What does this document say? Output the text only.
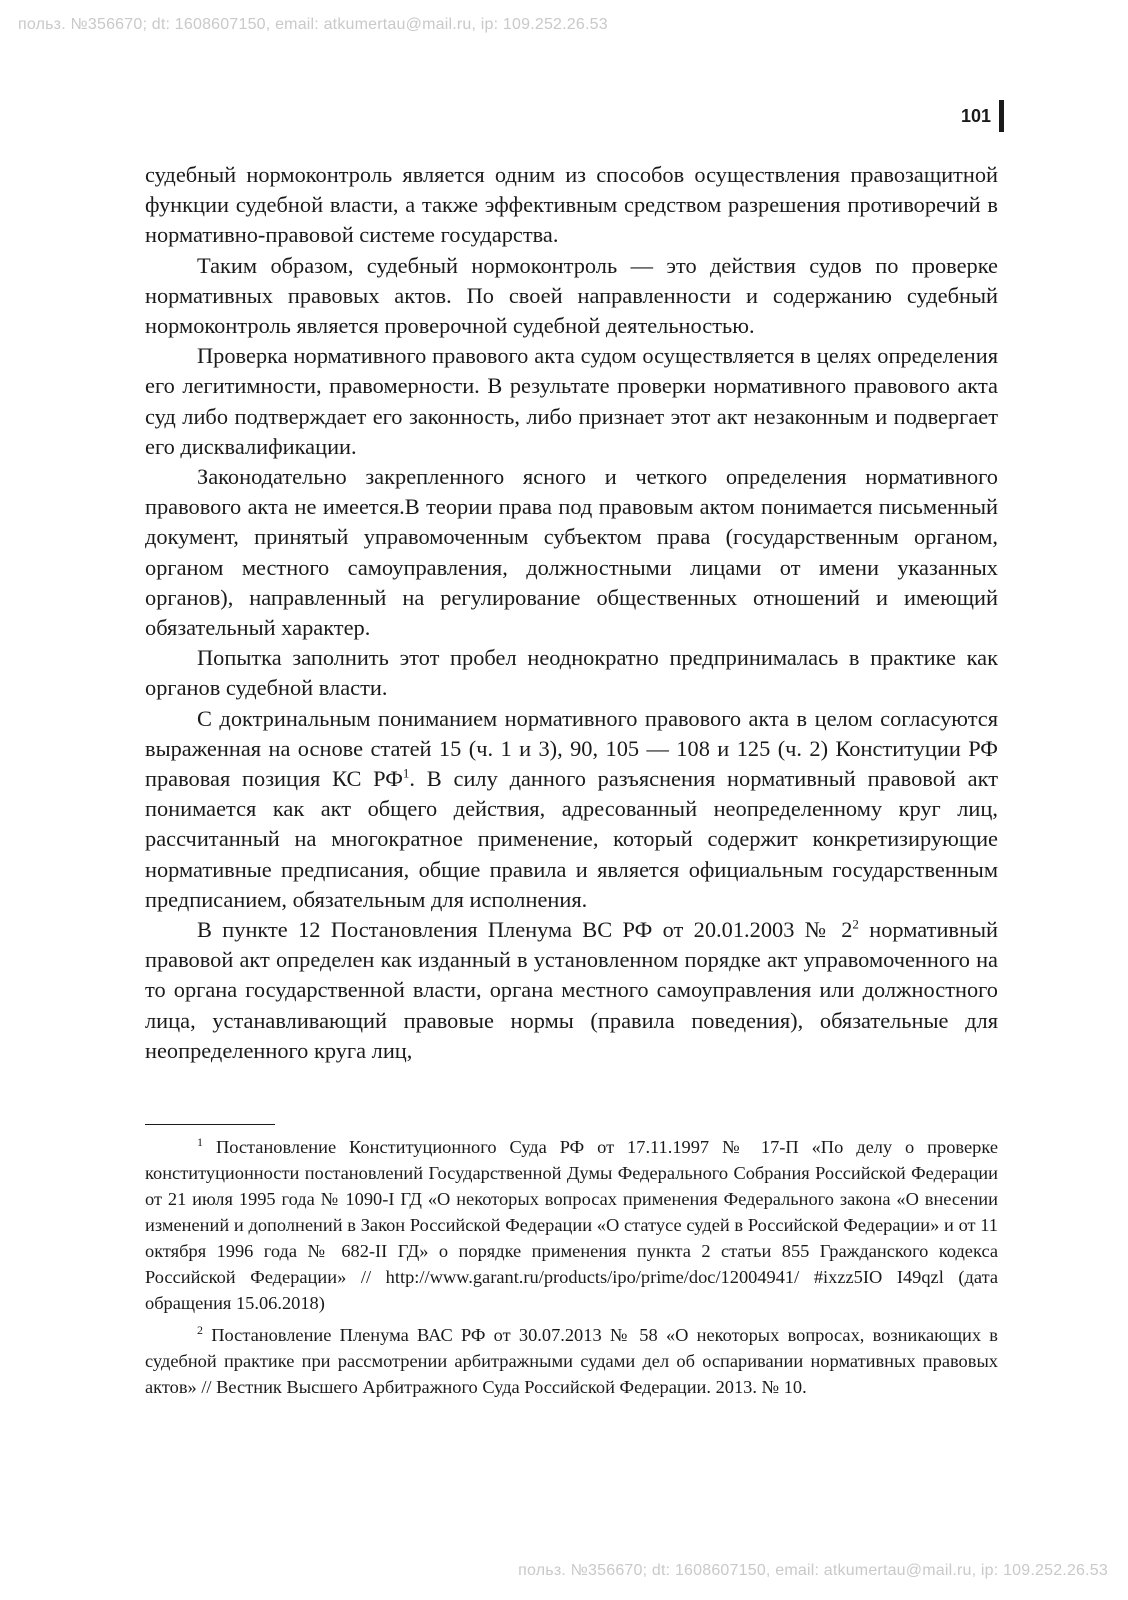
польз. №356670; dt: 1608607150, email: atkumertau@mail.ru, ip: 109.252.26.53
101

судебный нормоконтроль является одним из способов осуществления правозащитной функции судебной власти, а также эффективным средством разрешения противоречий в нормативно-правовой системе государства.

Таким образом, судебный нормоконтроль — это действия судов по проверке нормативных правовых актов. По своей направленности и содержанию судебный нормоконтроль является проверочной судебной деятельностью.

Проверка нормативного правового акта судом осуществляется в целях определения его легитимности, правомерности. В результате проверки нормативного правового акта суд либо подтверждает его законность, либо признает этот акт незаконным и подвергает его дисквалификации.

Законодательно закрепленного ясного и четкого определения нормативного правового акта не имеется.В теории права под правовым актом понимается письменный документ, принятый управомоченным субъектом права (государственным органом, органом местного самоуправления, должностными лицами от имени указанных органов), направленный на регулирование общественных отношений и имеющий обязательный характер.

Попытка заполнить этот пробел неоднократно предпринималась в практике как органов судебной власти.

С доктринальным пониманием нормативного правового акта в целом согласуются выраженная на основе статей 15 (ч. 1 и 3), 90, 105 — 108 и 125 (ч. 2) Конституции РФ правовая позиция КС $РФ^1$. В силу данного разъяснения нормативный правовой акт понимается как акт общего действия, адресованный неопределенному круг лиц, рассчитанный на многократное применение, который содержит конкретизирующие нормативные предписания, общие правила и является официальным государственным предписанием, обязательным для исполнения.

В пункте 12 Постановления Пленума ВС РФ от 20.01.2003 № $2^2$ нормативный правовой акт определен как изданный в установленном порядке акт управомоченного на то органа государственной власти, органа местного самоуправления или должностного лица, устанавливающий правовые нормы (правила поведения), обязательные для неопределенного круга лиц,

$^1$ Постановление Конституционного Суда РФ от 17.11.1997 № 17-П «По делу о проверке конституционности постановлений Государственной Думы Федерального Собрания Российской Федерации от 21 июля 1995 года № 1090-I ГД «О некоторых вопросах применения Федерального закона «О внесении изменений и дополнений в Закон Российской Федерации «О статусе судей в Российской Федерации» и от 11 октября 1996 года № 682-II ГД» о порядке применения пункта 2 статьи 855 Гражданского кодекса Российской Федерации» // http://www.garant.ru/products/ipo/prime/doc/12004941/ #ixzz5IO I49qzl (дата обращения 15.06.2018)

$^2$ Постановление Пленума ВАС РФ от 30.07.2013 № 58 «О некоторых вопросах, возникающих в судебной практике при рассмотрении арбитражными судами дел об оспаривании нормативных правовых актов» // Вестник Высшего Арбитражного Суда Российской Федерации. 2013. № 10.

польз. №356670; dt: 1608607150, email: atkumertau@mail.ru, ip: 109.252.26.53
